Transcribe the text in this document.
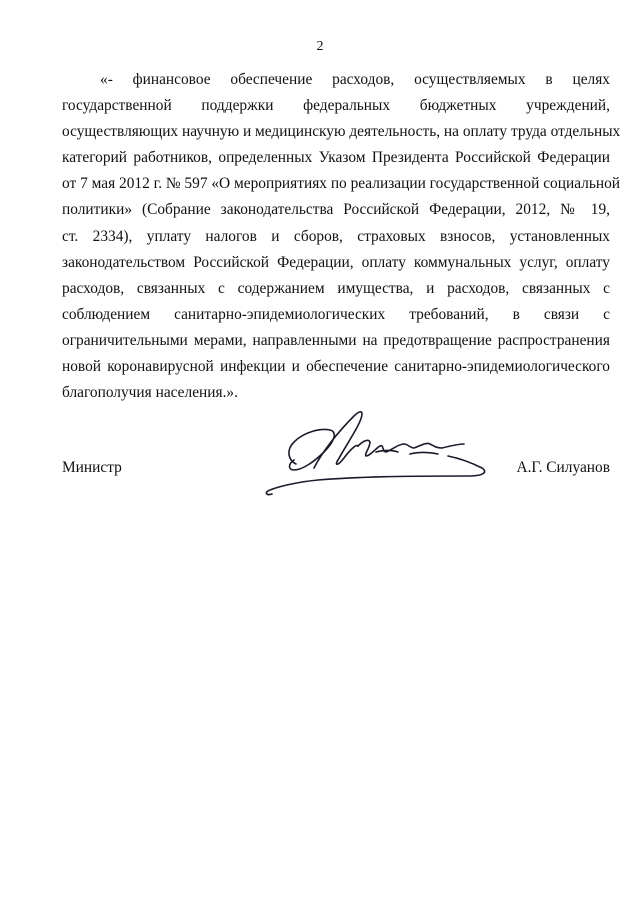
2
«- финансовое обеспечение расходов, осуществляемых в целях
государственной поддержки федеральных бюджетных учреждений,
осуществляющих научную и медицинскую деятельность, на оплату труда отдельных
категорий работников, определенных Указом Президента Российской Федерации
от 7 мая 2012 г. № 597 «О мероприятиях по реализации государственной социальной
политики» (Собрание законодательства Российской Федерации, 2012, № 19,
ст. 2334), уплату налогов и сборов, страховых взносов, установленных
законодательством Российской Федерации, оплату коммунальных услуг, оплату
расходов, связанных с содержанием имущества, и расходов, связанных с
соблюдением санитарно-эпидемиологических требований, в связи с
ограничительными мерами, направленными на предотвращение распространения
новой коронавирусной инфекции и обеспечение санитарно-эпидемиологического
благополучия населения.».
Министр	А.Г. Силуанов
